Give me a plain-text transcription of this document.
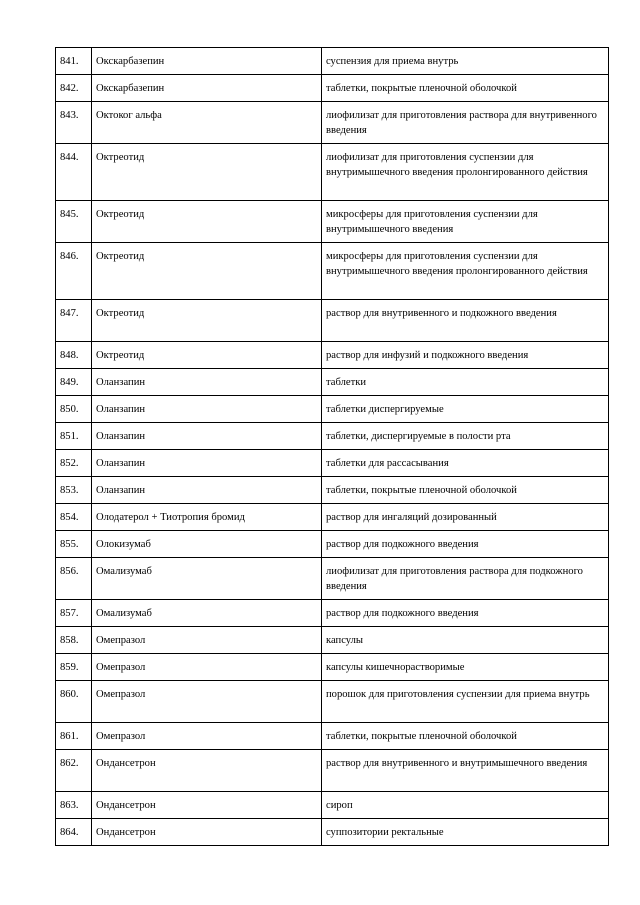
841.	Окскарбазепин	суспензия для приема внутрь
842.	Окскарбазепин	таблетки, покрытые пленочной оболочкой
843.	Октоког альфа	лиофилизат для приготовления раствора для внутривенного введения
844.	Октреотид	лиофилизат для приготовления суспензии для внутримышечного введения пролонгированного действия
845.	Октреотид	микросферы для приготовления суспензии для внутримышечного введения
846.	Октреотид	микросферы для приготовления суспензии для внутримышечного введения пролонгированного действия
847.	Октреотид	раствор для внутривенного и подкожного введения
848.	Октреотид	раствор для инфузий и подкожного введения
849.	Оланзапин	таблетки
850.	Оланзапин	таблетки диспергируемые
851.	Оланзапин	таблетки, диспергируемые в полости рта
852.	Оланзапин	таблетки для рассасывания
853.	Оланзапин	таблетки, покрытые пленочной оболочкой
854.	Олодатерол + Тиотропия бромид	раствор для ингаляций дозированный
855.	Олокизумаб	раствор для подкожного введения
856.	Омализумаб	лиофилизат для приготовления раствора для подкожного введения
857.	Омализумаб	раствор для подкожного введения
858.	Омепразол	капсулы
859.	Омепразол	капсулы кишечнорастворимые
860.	Омепразол	порошок для приготовления суспензии для приема внутрь
861.	Омепразол	таблетки, покрытые пленочной оболочкой
862.	Ондансетрон	раствор для внутривенного и внутримышечного введения
863.	Ондансетрон	сироп
864.	Ондансетрон	суппозитории ректальные
